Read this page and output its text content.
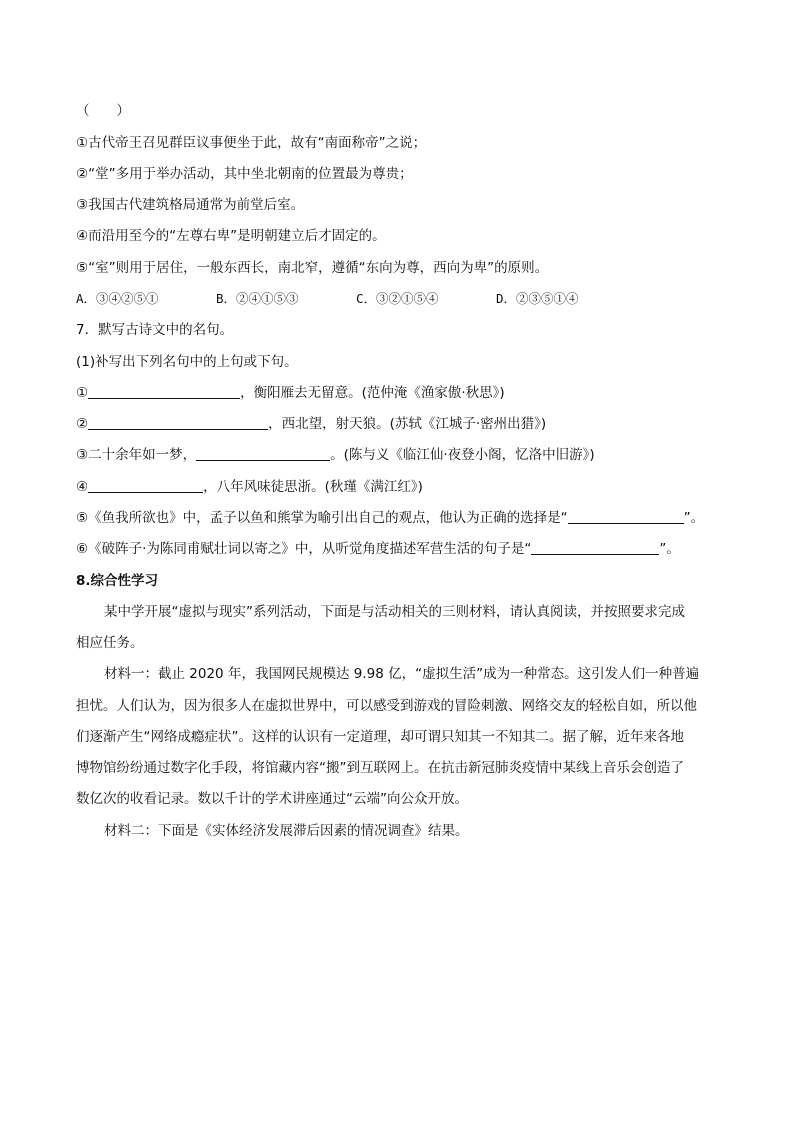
（　　）
①古代帝王召见群臣议事便坐于此，故有“南面称帝”之说；
②“堂”多用于举办活动，其中坐北朝南的位置最为尊贵；
③我国古代建筑格局通常为前堂后室。
④而沿用至今的“左尊右卑”是明朝建立后才固定的。
⑤“室”则用于居住，一般东西长，南北窄，遵循“东向为尊，西向为卑”的原则。
A．③④②⑤①	B．②④①⑤③	C．③②①⑤④	D．②③⑤①④
7．默写古诗文中的名句。
(1)补写出下列名句中的上句或下句。
①	，衡阳雁去无留意。(范仲淹《渔家傲·秋思》)
②	，西北望，射天狼。(苏轼《江城子·密州出猎》)
③二十余年如一梦，	。(陈与义《临江仙·夜登小阁，忆洛中旧游》)
④	，八年风味徒思浙。(秋瑾《满江红》)
⑤《鱼我所欲也》中，孟子以鱼和熊掌为喻引出自己的观点，他认为正确的选择是“	”。
⑥《破阵子·为陈同甫赋壮词以寄之》中，从听觉角度描述军营生活的句子是“	”。
8.综合性学习
某中学开展“虚拟与现实”系列活动，下面是与活动相关的三则材料，请认真阅读，并按照要求完成
相应任务。
材料一：截止 2020 年，我国网民规模达 9.98 亿，“虚拟生活”成为一种常态。这引发人们一种普遍
担忧。人们认为，因为很多人在虚拟世界中，可以感受到游戏的冒险刺激、网络交友的轻松自如，所以他
们逐渐产生“网络成瘾症状”。这样的认识有一定道理，却可谓只知其一不知其二。据了解，近年来各地
博物馆纷纷通过数字化手段，将馆藏内容“搬”到互联网上。在抗击新冠肺炎疫情中某线上音乐会创造了
数亿次的收看记录。数以千计的学术讲座通过“云端”向公众开放。
材料二：下面是《实体经济发展滞后因素的情况调查》结果。
